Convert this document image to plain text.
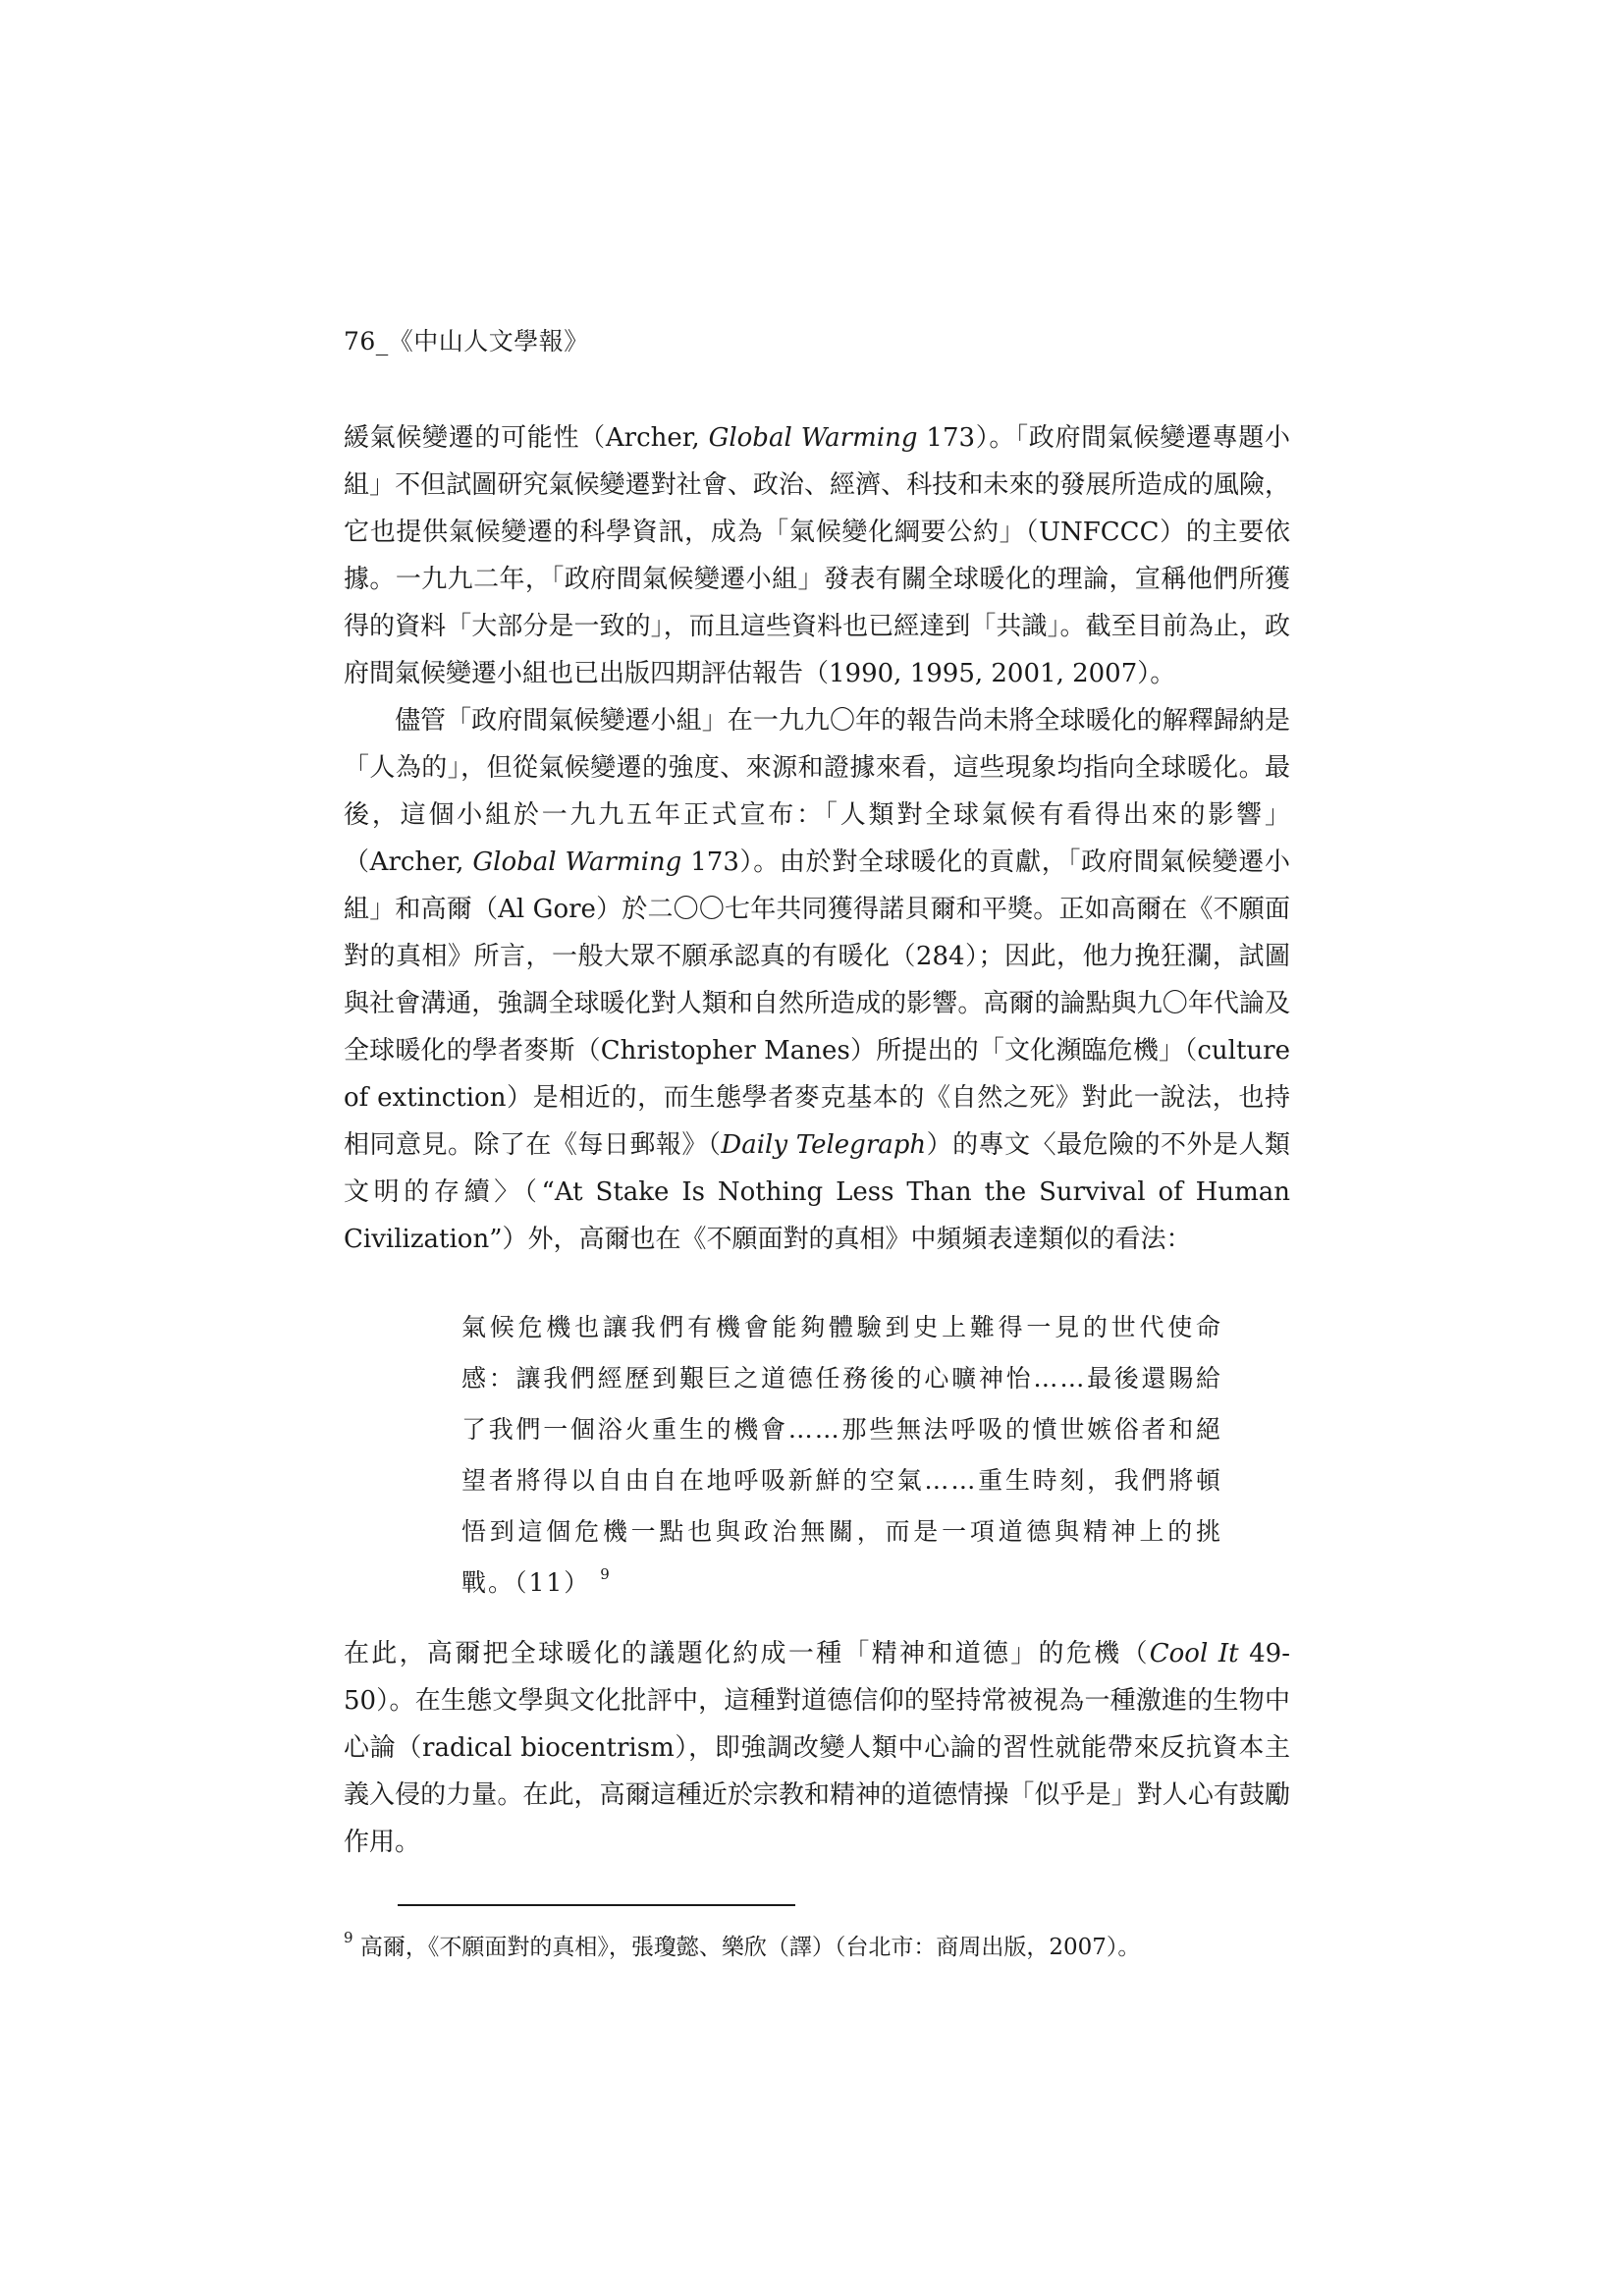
76_《中山人文學報》

緩氣候變遷的可能性（Archer, Global Warming 173）。「政府間氣候變遷專題小組」不但試圖研究氣候變遷對社會、政治、經濟、科技和未來的發展所造成的風險，它也提供氣候變遷的科學資訊，成為「氣候變化綱要公約」（UNFCCC）的主要依據。一九九二年，「政府間氣候變遷小組」發表有關全球暖化的理論，宣稱他們所獲得的資料「大部分是一致的」，而且這些資料也已經達到「共識」。截至目前為止，政府間氣候變遷小組也已出版四期評估報告（1990, 1995, 2001, 2007）。

儘管「政府間氣候變遷小組」在一九九〇年的報告尚未將全球暖化的解釋歸納是「人為的」，但從氣候變遷的強度、來源和證據來看，這些現象均指向全球暖化。最後，這個小組於一九九五年正式宣布：「人類對全球氣候有看得出來的影響」（Archer, Global Warming 173）。由於對全球暖化的貢獻，「政府間氣候變遷小組」和高爾（Al Gore）於二〇〇七年共同獲得諾貝爾和平獎。正如高爾在《不願面對的真相》所言，一般大眾不願承認真的有暖化（284）；因此，他力挽狂瀾，試圖與社會溝通，強調全球暖化對人類和自然所造成的影響。高爾的論點與九〇年代論及全球暖化的學者麥斯（Christopher Manes）所提出的「文化瀕臨危機」（culture of extinction）是相近的，而生態學者麥克基本的《自然之死》對此一說法，也持相同意見。除了在《每日郵報》（Daily Telegraph）的專文〈最危險的不外是人類文明的存續〉（“At Stake Is Nothing Less Than the Survival of Human Civilization”）外，高爾也在《不願面對的真相》中頻頻表達類似的看法：

氣候危機也讓我們有機會能夠體驗到史上難得一見的世代使命感：讓我們經歷到艱巨之道德任務後的心曠神怡……最後還賜給了我們一個浴火重生的機會……那些無法呼吸的憤世嫉俗者和絕望者將得以自由自在地呼吸新鮮的空氣……重生時刻，我們將頓悟到這個危機一點也與政治無關，而是一項道德與精神上的挑戰。（11） $^9$

在此，高爾把全球暖化的議題化約成一種「精神和道德」的危機（Cool It 49-50）。在生態文學與文化批評中，這種對道德信仰的堅持常被視為一種激進的生物中心論（radical biocentrism），即強調改變人類中心論的習性就能帶來反抗資本主義入侵的力量。在此，高爾這種近於宗教和精神的道德情操「似乎是」對人心有鼓勵作用。

$^9$ 高爾，《不願面對的真相》，張瓊懿、樂欣（譯）（台北市：商周出版，2007）。
